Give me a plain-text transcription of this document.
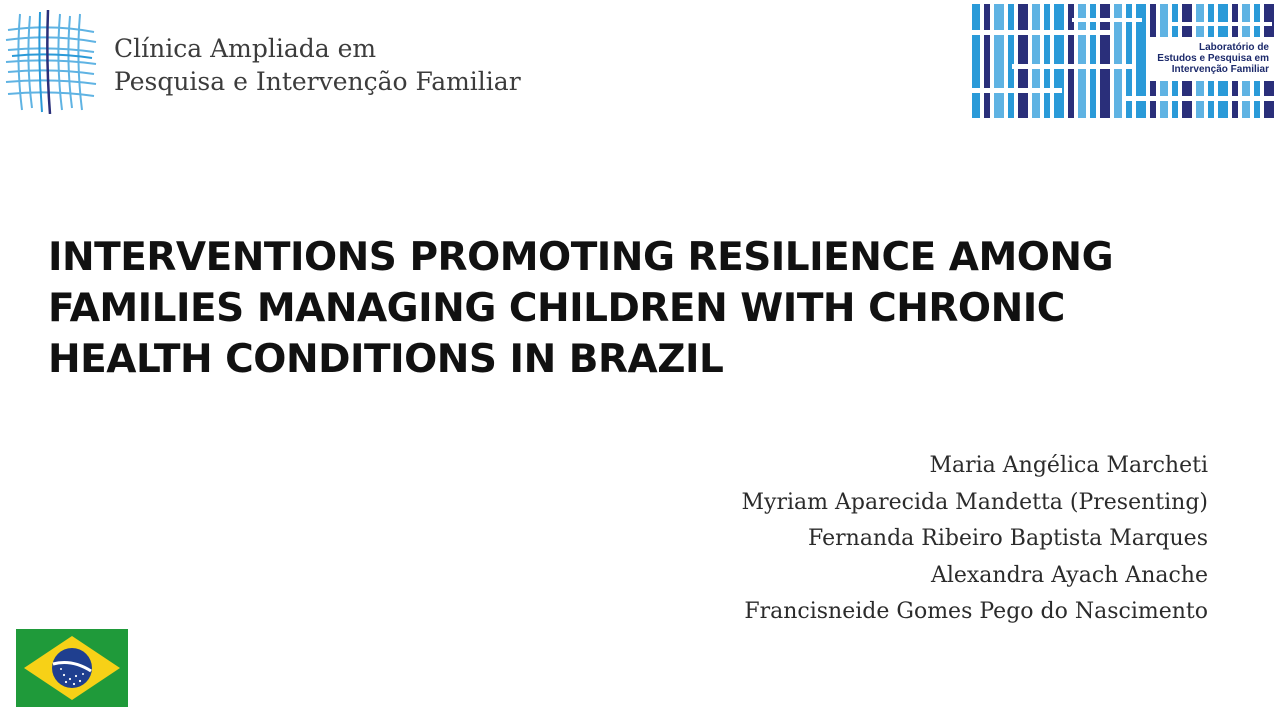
Clínica Ampliada em
Pesquisa e Intervenção Familiar
Laboratório de
Estudos e Pesquisa em
Intervenção Familiar
INTERVENTIONS PROMOTING RESILIENCE AMONG
FAMILIES MANAGING CHILDREN WITH CHRONIC
HEALTH CONDITIONS IN BRAZIL
Maria Angélica Marcheti
Myriam Aparecida Mandetta (Presenting)
Fernanda Ribeiro Baptista Marques
Alexandra Ayach Anache
Francisneide Gomes Pego do Nascimento
